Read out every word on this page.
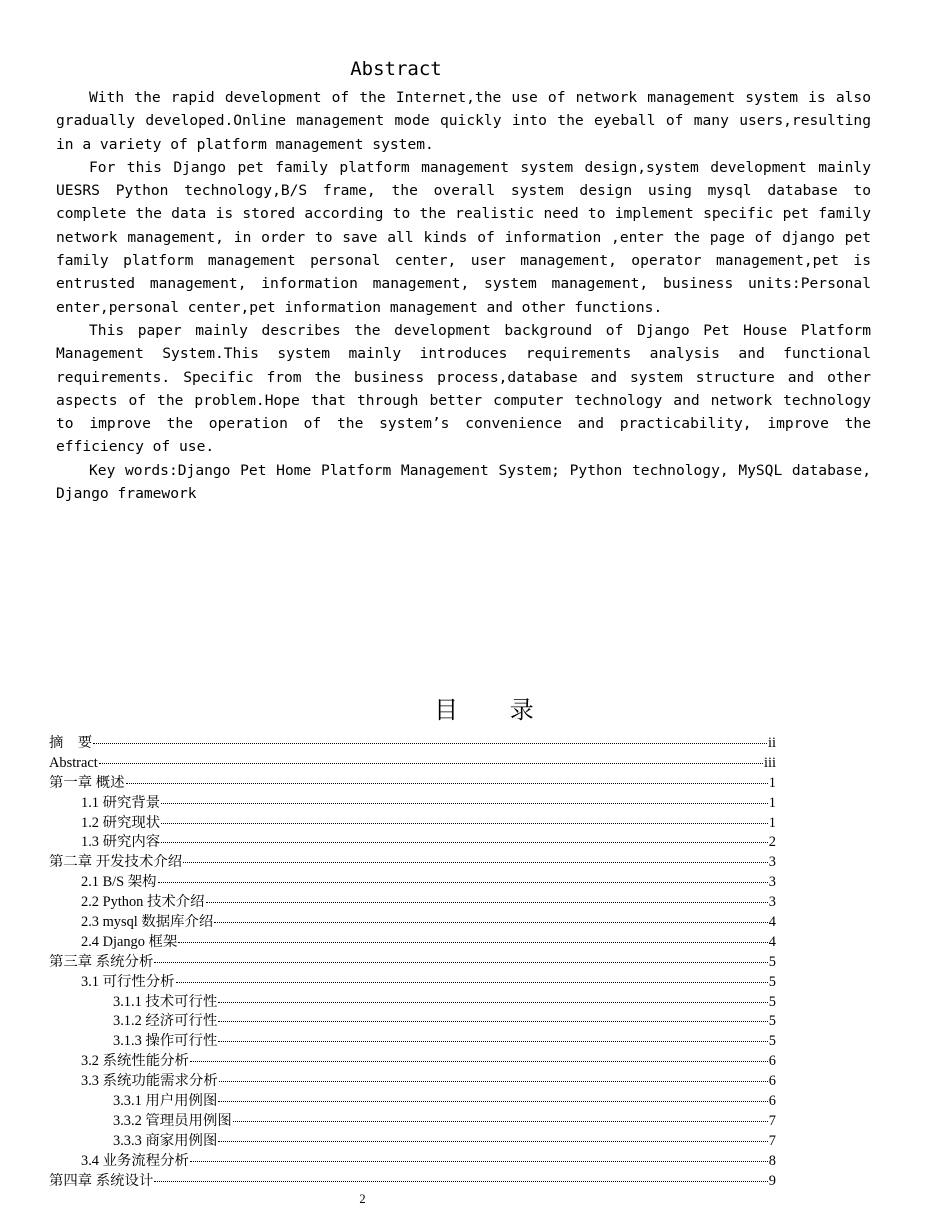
Abstract

With the rapid development of the Internet,the use of network management system is also gradually developed.Online management mode quickly into the eyeball of many users,resulting in a variety of platform management system.

For this Django pet family platform management system design,system development mainly UESRS Python technology,B/S frame, the overall system design using mysql database to complete the data is stored according to the realistic need to implement specific pet family network management, in order to save all kinds of information ,enter the page of django pet family platform management personal center, user management, operator management,pet is entrusted management, information management, system management, business units:Personal enter,personal center,pet information management and other functions.

This paper mainly describes the development background of Django Pet House Platform Management System.This system mainly introduces requirements analysis and functional requirements. Specific from the business process,database and system structure and other aspects of the problem.Hope that through better computer technology and network technology to improve the operation of the system’s convenience and practicability, improve the efficiency of use.

Key words:Django Pet Home Platform Management System; Python technology, MySQL database, Django framework

目 录
摘　要	ii
Abstract	iii
第一章 概述	1
1.1 研究背景	1
1.2 研究现状	1
1.3 研究内容	2
第二章 开发技术介绍	3
2.1 B/S 架构	3
2.2 Python 技术介绍	3
2.3 mysql 数据库介绍	4
2.4 Django 框架	4
第三章 系统分析	5
3.1 可行性分析	5
3.1.1 技术可行性	5
3.1.2 经济可行性	5
3.1.3 操作可行性	5
3.2 系统性能分析	6
3.3 系统功能需求分析	6
3.3.1 用户用例图	6
3.3.2 管理员用例图	7
3.3.3 商家用例图	7
3.4 业务流程分析	8
第四章 系统设计	9
2
